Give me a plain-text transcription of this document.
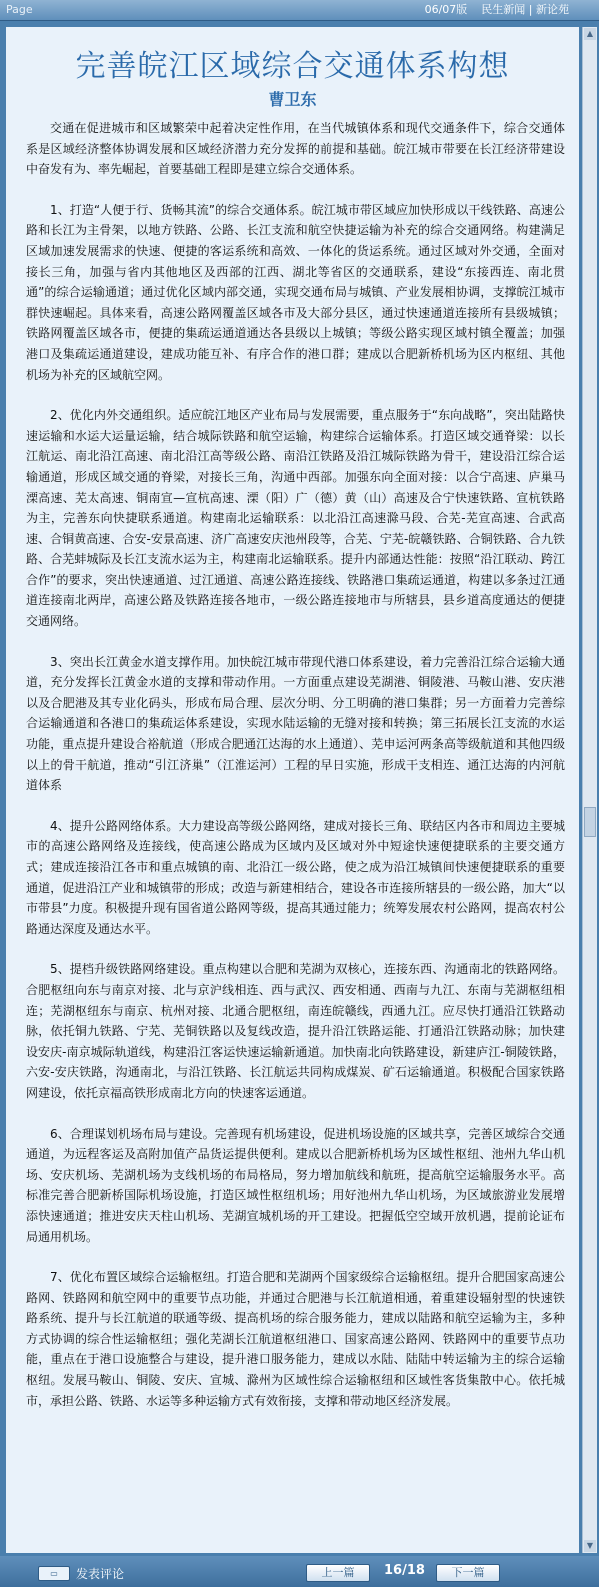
Page	06/07版 民生新闻 | 新论苑
完善皖江区域综合交通体系构想
曹卫东

交通在促进城市和区域繁荣中起着决定性作用，在当代城镇体系和现代交通条件下，综合交通体系是区域经济整体协调发展和区域经济潜力充分发挥的前提和基础。皖江城市带要在长江经济带建设中奋发有为、率先崛起，首要基础工程即是建立综合交通体系。

1、打造“人便于行、货畅其流”的综合交通体系。皖江城市带区域应加快形成以干线铁路、高速公路和长江为主骨架，以地方铁路、公路、长江支流和航空快捷运输为补充的综合交通网络。构建满足区域加速发展需求的快速、便捷的客运系统和高效、一体化的货运系统。通过区域对外交通，全面对接长三角，加强与省内其他地区及西部的江西、湖北等省区的交通联系，建设“东接西连、南北贯通”的综合运输通道；通过优化区域内部交通，实现交通布局与城镇、产业发展相协调，支撑皖江城市群快速崛起。具体来看，高速公路网覆盖区域各市及大部分县区，通过快速通道连接所有县级城镇；铁路网覆盖区域各市，便捷的集疏运通道通达各县级以上城镇；等级公路实现区域村镇全覆盖；加强港口及集疏运通道建设，建成功能互补、有序合作的港口群；建成以合肥新桥机场为区内枢纽、其他机场为补充的区域航空网。

2、优化内外交通组织。适应皖江地区产业布局与发展需要，重点服务于“东向战略”，突出陆路快速运输和水运大运量运输，结合城际铁路和航空运输，构建综合运输体系。打造区域交通脊梁：以长江航运、南北沿江高速、南北沿江高等级公路、南沿江铁路及沿江城际铁路为骨干，建设沿江综合运输通道，形成区域交通的脊梁，对接长三角，沟通中西部。加强东向全面对接：以合宁高速、庐巢马溧高速、芜太高速、铜南宣—宣杭高速、溧（阳）广（德）黄（山）高速及合宁快速铁路、宣杭铁路为主，完善东向快捷联系通道。构建南北运输联系：以北沿江高速滁马段、合芜-芜宣高速、合武高速、合铜黄高速、合安-安景高速、济广高速安庆池州段等，合芜、宁芜-皖赣铁路、合铜铁路、合九铁路、合芜蚌城际及长江支流水运为主，构建南北运输联系。提升内部通达性能：按照“沿江联动、跨江合作”的要求，突出快速通道、过江通道、高速公路连接线、铁路港口集疏运通道，构建以多条过江通道连接南北两岸，高速公路及铁路连接各地市，一级公路连接地市与所辖县，县乡道高度通达的便捷交通网络。

3、突出长江黄金水道支撑作用。加快皖江城市带现代港口体系建设，着力完善沿江综合运输大通道，充分发挥长江黄金水道的支撑和带动作用。一方面重点建设芜湖港、铜陵港、马鞍山港、安庆港以及合肥港及其专业化码头，形成布局合理、层次分明、分工明确的港口集群；另一方面着力完善综合运输通道和各港口的集疏运体系建设，实现水陆运输的无缝对接和转换；第三拓展长江支流的水运功能，重点提升建设合裕航道（形成合肥通江达海的水上通道）、芜申运河两条高等级航道和其他四级以上的骨干航道，推动“引江济巢”（江淮运河）工程的早日实施，形成干支相连、通江达海的内河航道体系

4、提升公路网络体系。大力建设高等级公路网络，建成对接长三角、联结区内各市和周边主要城市的高速公路网络及连接线，使高速公路成为区域内及区域对外中短途快速便捷联系的主要交通方式；建成连接沿江各市和重点城镇的南、北沿江一级公路，使之成为沿江城镇间快速便捷联系的重要通道，促进沿江产业和城镇带的形成；改造与新建相结合，建设各市连接所辖县的一级公路，加大“以市带县”力度。积极提升现有国省道公路网等级，提高其通过能力；统筹发展农村公路网，提高农村公路通达深度及通达水平。

5、提档升级铁路网络建设。重点构建以合肥和芜湖为双核心，连接东西、沟通南北的铁路网络。合肥枢纽向东与南京对接、北与京沪线相连、西与武汉、西安相通、西南与九江、东南与芜湖枢纽相连；芜湖枢纽东与南京、杭州对接、北通合肥枢纽，南连皖赣线，西通九江。应尽快打通沿江铁路动脉，依托铜九铁路、宁芜、芜铜铁路以及复线改造，提升沿江铁路运能、打通沿江铁路动脉；加快建设安庆-南京城际轨道线，构建沿江客运快速运输新通道。加快南北向铁路建设，新建庐江-铜陵铁路，六安-安庆铁路，沟通南北，与沿江铁路、长江航运共同构成煤炭、矿石运输通道。积极配合国家铁路网建设，依托京福高铁形成南北方向的快速客运通道。

6、合理谋划机场布局与建设。完善现有机场建设，促进机场设施的区域共享，完善区域综合交通通道，为远程客运及高附加值产品货运提供便利。建成以合肥新桥机场为区域性枢纽、池州九华山机场、安庆机场、芜湖机场为支线机场的布局格局，努力增加航线和航班，提高航空运输服务水平。高标准完善合肥新桥国际机场设施，打造区域性枢纽机场；用好池州九华山机场，为区域旅游业发展增添快速通道；推进安庆天柱山机场、芜湖宣城机场的开工建设。把握低空空域开放机遇，提前论证布局通用机场。

7、优化布置区域综合运输枢纽。打造合肥和芜湖两个国家级综合运输枢纽。提升合肥国家高速公路网、铁路网和航空网中的重要节点功能，并通过合肥港与长江航道相通，着重建设辐射型的快速铁路系统、提升与长江航道的联通等级、提高机场的综合服务能力，建成以陆路和航空运输为主，多种方式协调的综合性运输枢纽；强化芜湖长江航道枢纽港口、国家高速公路网、铁路网中的重要节点功能，重点在于港口设施整合与建设，提升港口服务能力，建成以水陆、陆陆中转运输为主的综合运输枢纽。发展马鞍山、铜陵、安庆、宣城、滁州为区域性综合运输枢纽和区域性客货集散中心。依托城市，承担公路、铁路、水运等多种运输方式有效衔接，支撑和带动地区经济发展。

▲
▼
▭	发表评论	上一篇	16/18	下一篇
